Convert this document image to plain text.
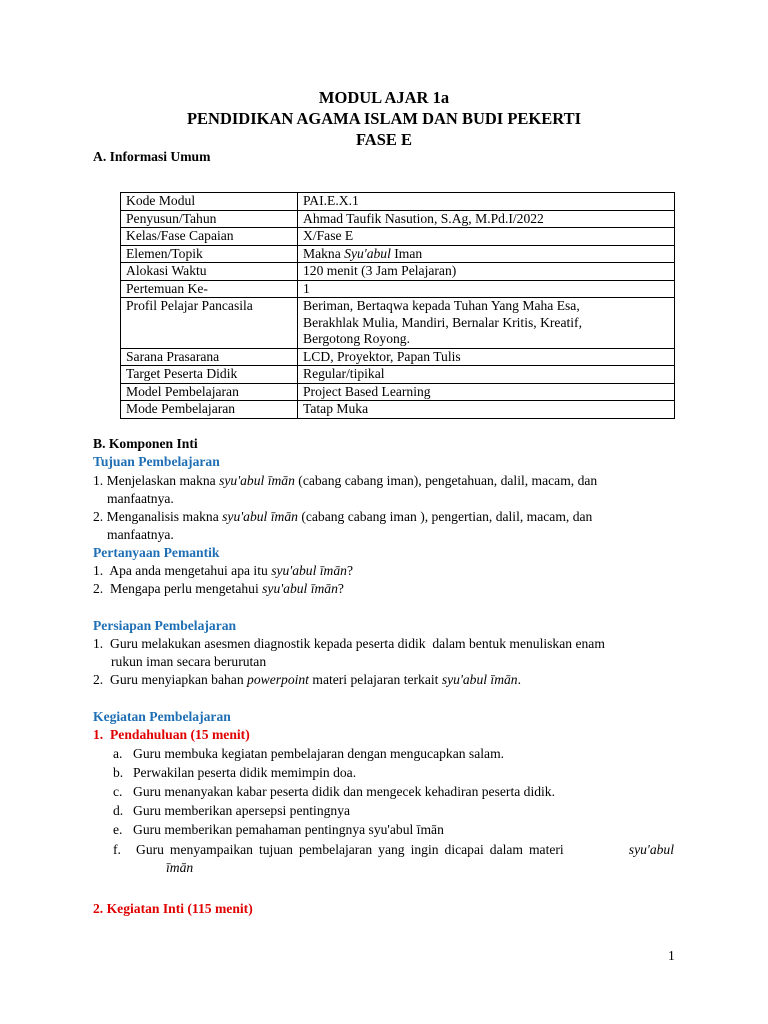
MODUL AJAR 1a
PENDIDIKAN AGAMA ISLAM DAN BUDI PEKERTI
FASE E
A. Informasi Umum
Kode Modul	PAI.E.X.1
Penyusun/Tahun	Ahmad Taufik Nasution, S.Ag, M.Pd.I/2022
Kelas/Fase Capaian	X/Fase E
Elemen/Topik	Makna Syu'abul Iman
Alokasi Waktu	120 menit (3 Jam Pelajaran)
Pertemuan Ke-	1
Profil Pelajar Pancasila	Beriman, Bertaqwa kepada Tuhan Yang Maha Esa,
Berakhlak Mulia, Mandiri, Bernalar Kritis, Kreatif,
Bergotong Royong.

Sarana Prasarana	LCD, Proyektor, Papan Tulis
Target Peserta Didik	Regular/tipikal
Model Pembelajaran	Project Based Learning
Mode Pembelajaran	Tatap Muka
B. Komponen Inti
Tujuan Pembelajaran
1. Menjelaskan makna syu'abul īmān (cabang cabang iman), pengetahuan, dalil, macam, dan
manfaatnya.
2. Menganalisis makna syu'abul īmān (cabang cabang iman ), pengertian, dalil, macam, dan
manfaatnya.
Pertanyaan Pemantik
1. Apa anda mengetahui apa itu syu'abul īmān?
2. Mengapa perlu mengetahui syu'abul īmān?
Persiapan Pembelajaran
1. Guru melakukan asesmen diagnostik kepada peserta didik  dalam bentuk menuliskan enam
rukun iman secara berurutan
2. Guru menyiapkan bahan powerpoint materi pelajaran terkait syu'abul īmān.
Kegiatan Pembelajaran
1.  Pendahuluan (15 menit)
a. Guru membuka kegiatan pembelajaran dengan mengucapkan salam.
b. Perwakilan peserta didik memimpin doa.
c. Guru menanyakan kabar peserta didik dan mengecek kehadiran peserta didik.
d. Guru memberikan apersepsi pentingnya
e. Guru memberikan pemahaman pentingnya syu'abul īmān
f. Guru menyampaikan tujuan pembelajaran yang ingin dicapai dalam materi	syu'abul
īmān
2. Kegiatan Inti (115 menit)
1
